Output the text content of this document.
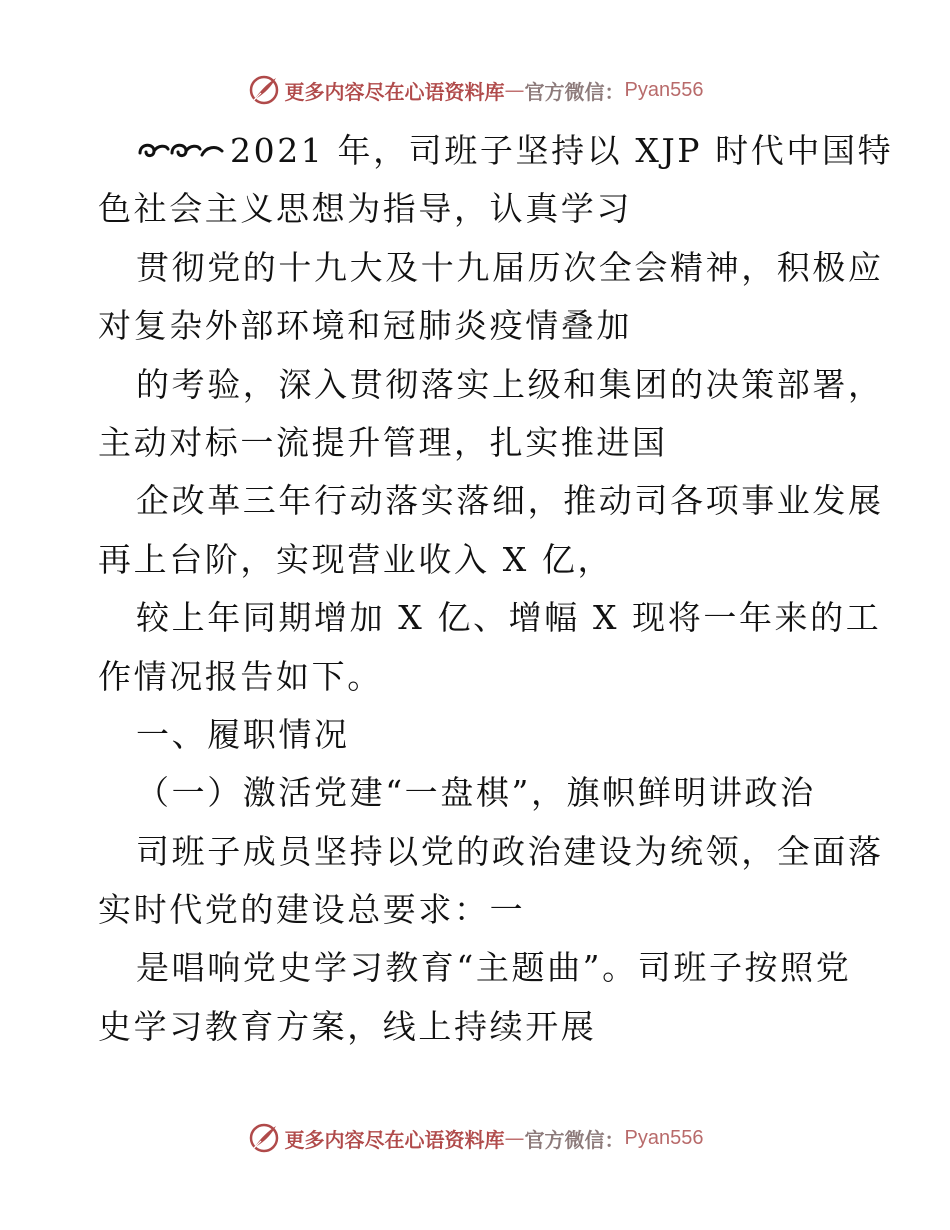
更多内容尽在心语资料库 — 官方微信： Pyan556
2021 年，司班子坚持以 XJP 时代中国特
色社会主义思想为指导，认真学习
贯彻党的十九大及十九届历次全会精神，积极应
对复杂外部环境和冠肺炎疫情叠加
的考验，深入贯彻落实上级和集团的决策部署，
主动对标一流提升管理，扎实推进国
企改革三年行动落实落细，推动司各项事业发展
再上台阶，实现营业收入 X 亿，
较上年同期增加 X 亿、增幅 X 现将一年来的工
作情况报告如下。
一、履职情况
（一）激活党建“一盘棋”，旗帜鲜明讲政治
司班子成员坚持以党的政治建设为统领，全面落
实时代党的建设总要求：一
是唱响党史学习教育“主题曲”。司班子按照党
史学习教育方案，线上持续开展
更多内容尽在心语资料库 — 官方微信： Pyan556
